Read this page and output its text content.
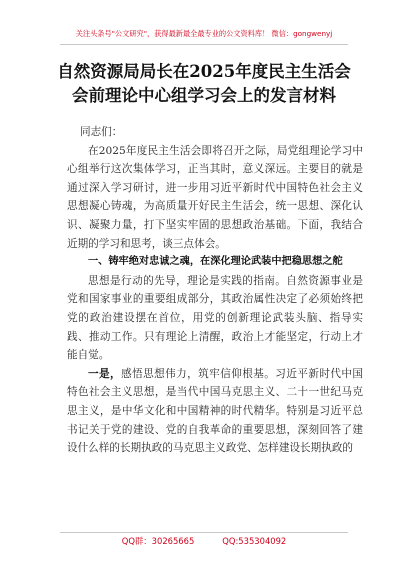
关注头条号"公文研究"，获得最新最全最专业的公文资料库！ 微信：gongwenyj
自然资源局局长在2025年度民主生活会
会前理论中心组学习会上的发言材料

同志们：

在2025年度民主生活会即将召开之际，局党组理论学习中心组举行这次集体学习，正当其时，意义深远。主要目的就是通过深入学习研讨，进一步用习近平新时代中国特色社会主义思想凝心铸魂，为高质量开好民主生活会，统一思想、深化认识、凝聚力量，打下坚实牢固的思想政治基础。下面，我结合近期的学习和思考，谈三点体会。

一、铸牢绝对忠诚之魂，在深化理论武装中把稳思想之舵

思想是行动的先导，理论是实践的指南。自然资源事业是党和国家事业的重要组成部分，其政治属性决定了必须始终把党的政治建设摆在首位，用党的创新理论武装头脑、指导实践、推动工作。只有理论上清醒，政治上才能坚定，行动上才能自觉。

一是，感悟思想伟力，筑牢信仰根基。习近平新时代中国特色社会主义思想，是当代中国马克思主义、二十一世纪马克思主义，是中华文化和中国精神的时代精华。特别是习近平总书记关于党的建设、党的自我革命的重要思想，深刻回答了建设什么样的长期执政的马克思主义政党、怎样建设长期执政的

QQ群：30265665	QQ:535304092
